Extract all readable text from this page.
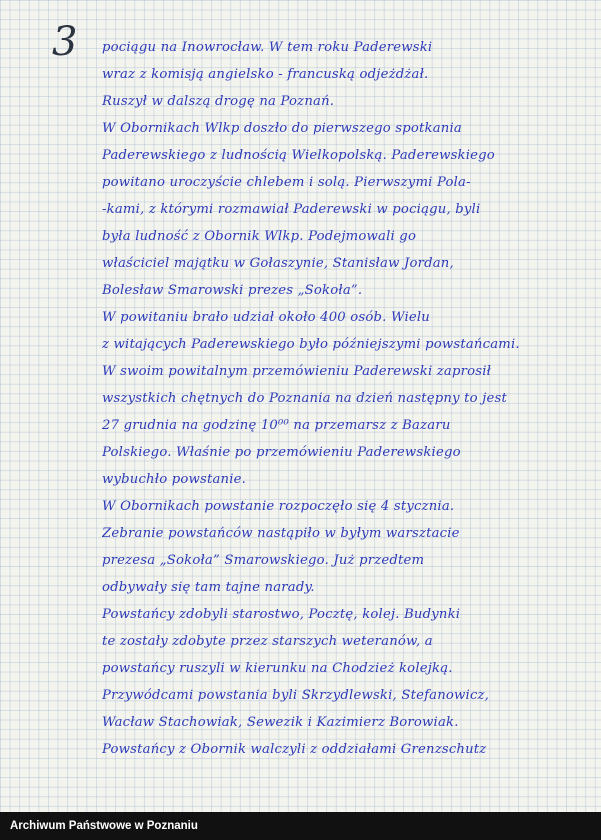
3 pociągu na Inowrocław. W tem roku Paderewski
wraz z komisją angielsko - francuską odjeżdżał.
Ruszył w dalszą drogę na Poznań.
W Obornikach Wlkp doszło do pierwszego spotkania
Paderewskiego z ludnością Wielkopolską. Paderewskiego
powitano uroczyście chlebem i solą. Pierwszymi Pola-
-kami, z którymi rozmawiał Paderewski w pociągu, byli
była ludność z Obornik Wlkp. Podejmowali go
właściciel majątku w Gołaszynie, Stanisław Jordan,
Bolesław Smarowski prezes „Sokoła”.
W powitaniu brało udział około 400 osób. Wielu
z witających Paderewskiego było późniejszymi powstańcami.
W swoim powitalnym przemówieniu Paderewski zaprosił
wszystkich chętnych do Poznania na dzień następny to jest
27 grudnia na godzinę 10⁰⁰ na przemarsz z Bazaru
Polskiego. Właśnie po przemówieniu Paderewskiego
wybuchło powstanie.
W Obornikach powstanie rozpoczęło się 4 stycznia.
Zebranie powstańców nastąpiło w byłym warsztacie
prezesa „Sokoła” Smarowskiego. Już przedtem
odbywały się tam tajne narady.
Powstańcy zdobyli starostwo, Pocztę, kolej. Budynki
te zostały zdobyte przez starszych weteranów, a
powstańcy ruszyli w kierunku na Chodzież kolejką.
Przywódcami powstania byli Skrzydlewski, Stefanowicz,
Wacław Stachowiak, Sewezik i Kazimierz Borowiak.
Powstańcy z Obornik walczyli z oddziałami Grenzschutz
Archiwum Państwowe w Poznaniu
